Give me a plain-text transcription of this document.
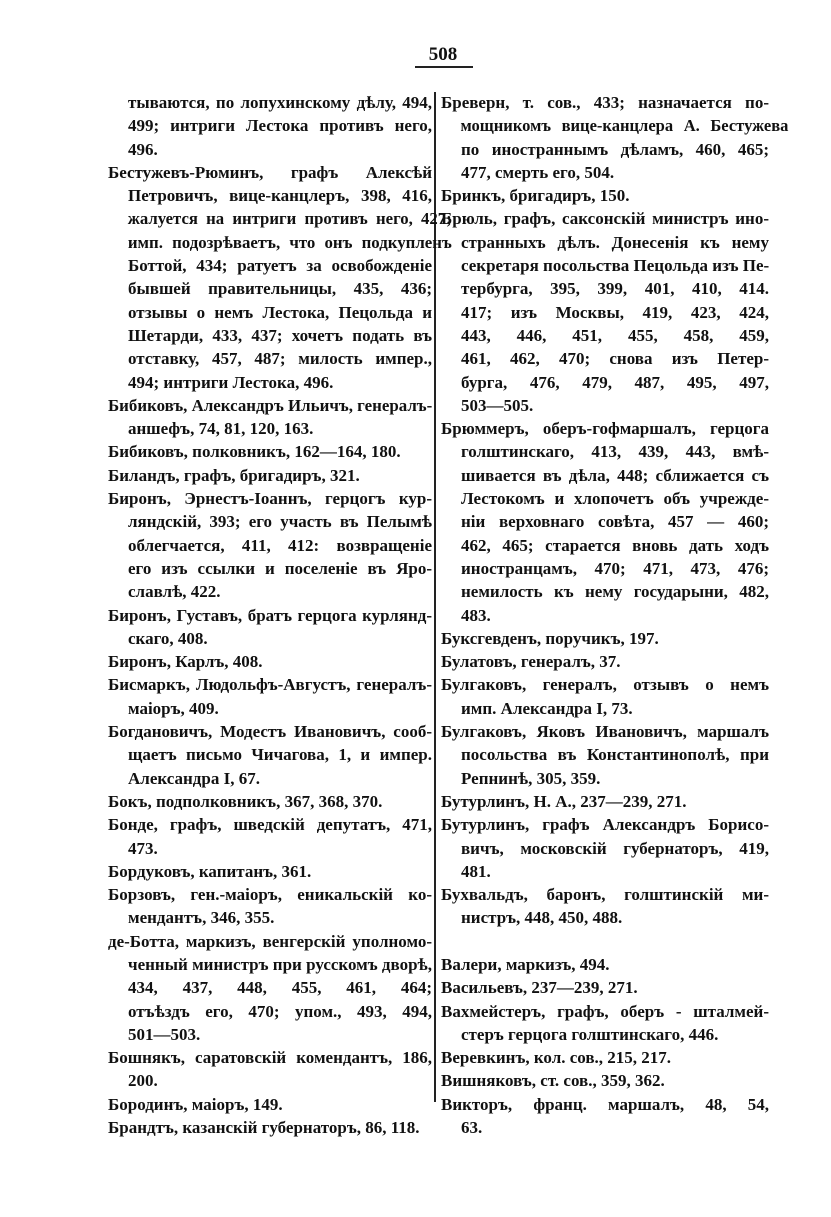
508
тываются, по лопухинскому дѣлу, 494,
499; интриги Лестока противъ него,
496.
Бестужевъ-Рюминъ, графъ Алексѣй
Петровичъ, вице-канцлеръ, 398, 416,
жалуется на интриги противъ него, 427;
имп. подозрѣваетъ, что онъ подкупленъ
Боттой, 434; ратуетъ за освобожденіе
бывшей правительницы, 435, 436;
отзывы о немъ Лестока, Пецольда и
Шетарди, 433, 437; хочетъ подать въ
отставку, 457, 487; милость импер.,
494; интриги Лестока, 496.
Бибиковъ, Александръ Ильичъ, генералъ-
аншефъ, 74, 81, 120, 163.
Бибиковъ, полковникъ, 162—164, 180.
Биландъ, графъ, бригадиръ, 321.
Биронъ, Эрнестъ-Іоаннъ, герцогъ кур-
ляндскій, 393; его участь въ Пелымѣ
облегчается, 411, 412: возвращеніе
его изъ ссылки и поселеніе въ Яро-
славлѣ, 422.
Биронъ, Густавъ, братъ герцога курлянд-
скаго, 408.
Биронъ, Карлъ, 408.
Бисмаркъ, Людольфъ-Августъ, генералъ-
маіоръ, 409.
Богдановичъ, Модестъ Ивановичъ, сооб-
щаетъ письмо Чичагова, 1, и импер.
Александра I, 67.
Бокъ, подполковникъ, 367, 368, 370.
Бонде, графъ, шведскій депутатъ, 471,
473.
Бордуковъ, капитанъ, 361.
Борзовъ, ген.-маіоръ, еникальскій ко-
мендантъ, 346, 355.
де-Ботта, маркизъ, венгерскій уполномо-
ченный министръ при русскомъ дворѣ,
434, 437, 448, 455, 461, 464;
отъѣздъ его, 470; упом., 493, 494,
501—503.
Бошнякъ, саратовскій комендантъ, 186,
200.
Бородинъ, маіоръ, 149.
Брандтъ, казанскій губернаторъ, 86, 118.
Бреверн, т. сов., 433; назначается по-
мощникомъ вице-канцлера А. Бестужева
по иностраннымъ дѣламъ, 460, 465;
477, смерть его, 504.
Бринкъ, бригадиръ, 150.
Брюль, графъ, саксонскій министръ ино-
странныхъ дѣлъ. Донесенія къ нему
секретаря посольства Пецольда изъ Пе-
тербурга, 395, 399, 401, 410, 414.
417; изъ Москвы, 419, 423, 424,
443, 446, 451, 455, 458, 459,
461, 462, 470; снова изъ Петер-
бурга, 476, 479, 487, 495, 497,
503—505.
Брюммеръ, оберъ-гофмаршалъ, герцога
голштинскаго, 413, 439, 443, вмѣ-
шивается въ дѣла, 448; сближается съ
Лестокомъ и хлопочетъ объ учрежде-
ніи верховнаго совѣта, 457 — 460;
462, 465; старается вновь дать ходъ
иностранцамъ, 470; 471, 473, 476;
немилость къ нему государыни, 482,
483.
Буксгевденъ, поручикъ, 197.
Булатовъ, генералъ, 37.
Булгаковъ, генералъ, отзывъ о немъ
имп. Александра I, 73.
Булгаковъ, Яковъ Ивановичъ, маршалъ
посольства въ Константинополѣ, при
Репнинѣ, 305, 359.
Бутурлинъ, Н. А., 237—239, 271.
Бутурлинъ, графъ Александръ Борисо-
вичъ, московскій губернаторъ, 419,
481.
Бухвальдъ, баронъ, голштинскій ми-
нистръ, 448, 450, 488.
Валери, маркизъ, 494.
Васильевъ, 237—239, 271.
Вахмейстеръ, графъ, оберъ - шталмей-
стеръ герцога голштинскаго, 446.
Веревкинъ, кол. сов., 215, 217.
Вишняковъ, ст. сов., 359, 362.
Викторъ, франц. маршалъ, 48, 54,
63.
